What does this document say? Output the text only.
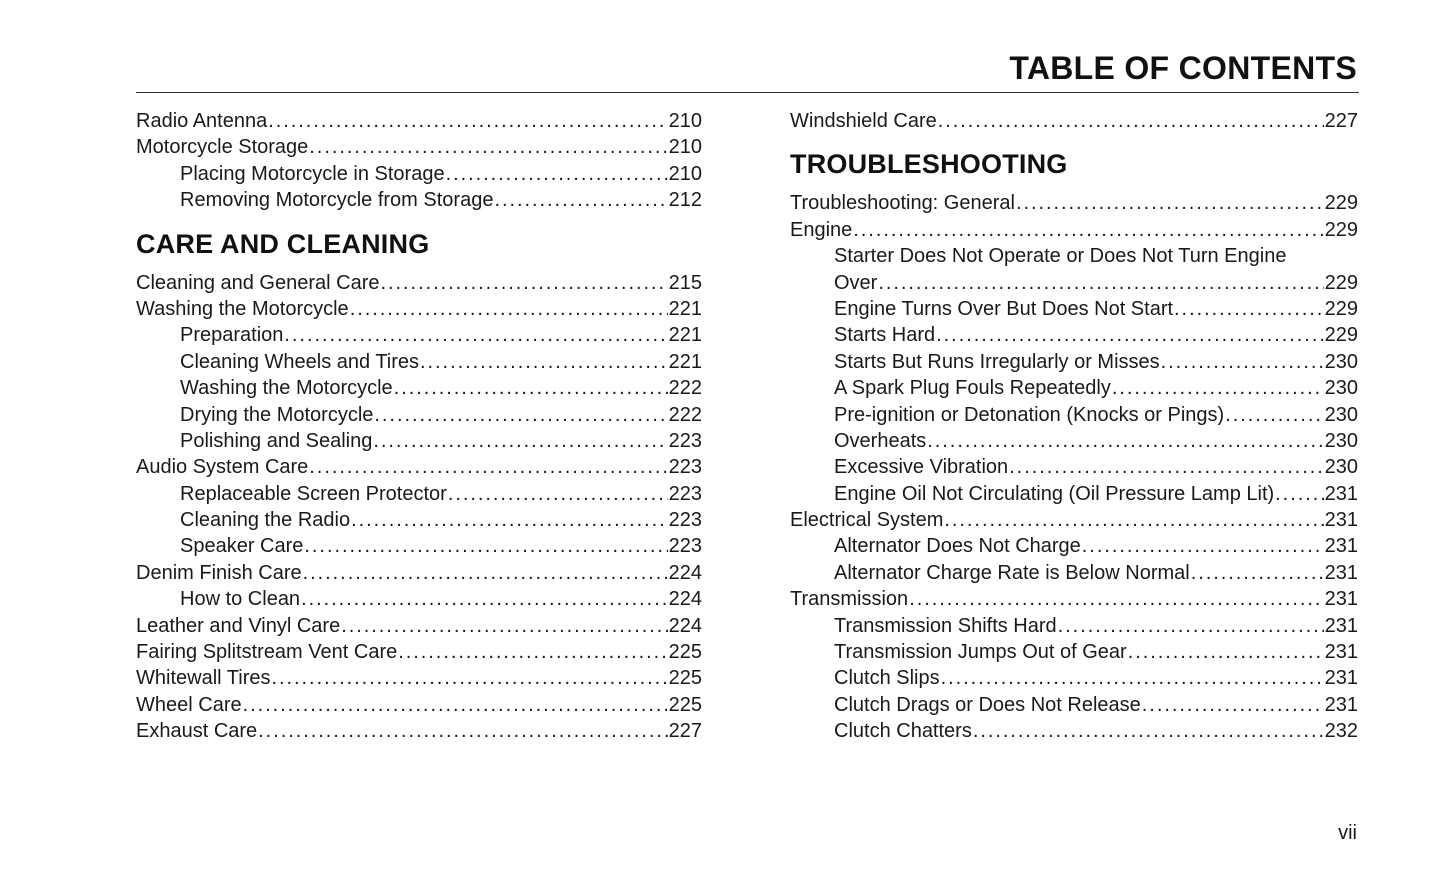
TABLE OF CONTENTS
Radio Antenna . . .	210
Motorcycle Storage . . .	210
Placing Motorcycle in Storage . . .	210
Removing Motorcycle from Storage . . .	212
CARE AND CLEANING
Cleaning and General Care . . .	215
Washing the Motorcycle . . .	221
Preparation . . .	221
Cleaning Wheels and Tires . . .	221
Washing the Motorcycle . . .	222
Drying the Motorcycle . . .	222
Polishing and Sealing . . .	223
Audio System Care . . .	223
Replaceable Screen Protector . . .	223
Cleaning the Radio . . .	223
Speaker Care . . .	223
Denim Finish Care . . .	224
How to Clean . . .	224
Leather and Vinyl Care . . .	224
Fairing Splitstream Vent Care . . .	225
Whitewall Tires . . .	225
Wheel Care . . .	225
Exhaust Care . . .	227
Windshield Care . . .	227
TROUBLESHOOTING
Troubleshooting: General . . .	229
Engine . . .	229
Starter Does Not Operate or Does Not Turn Engine
Over . . .	229
Engine Turns Over But Does Not Start . . .	229
Starts Hard . . .	229
Starts But Runs Irregularly or Misses . . .	230
A Spark Plug Fouls Repeatedly . . .	230
Pre-ignition or Detonation (Knocks or Pings) . . .	230
Overheats . . .	230
Excessive Vibration . . .	230
Engine Oil Not Circulating (Oil Pressure Lamp Lit) . . .	231
Electrical System . . .	231
Alternator Does Not Charge . . .	231
Alternator Charge Rate is Below Normal . . .	231
Transmission . . .	231
Transmission Shifts Hard . . .	231
Transmission Jumps Out of Gear . . .	231
Clutch Slips . . .	231
Clutch Drags or Does Not Release . . .	231
Clutch Chatters . . .	232
vii
